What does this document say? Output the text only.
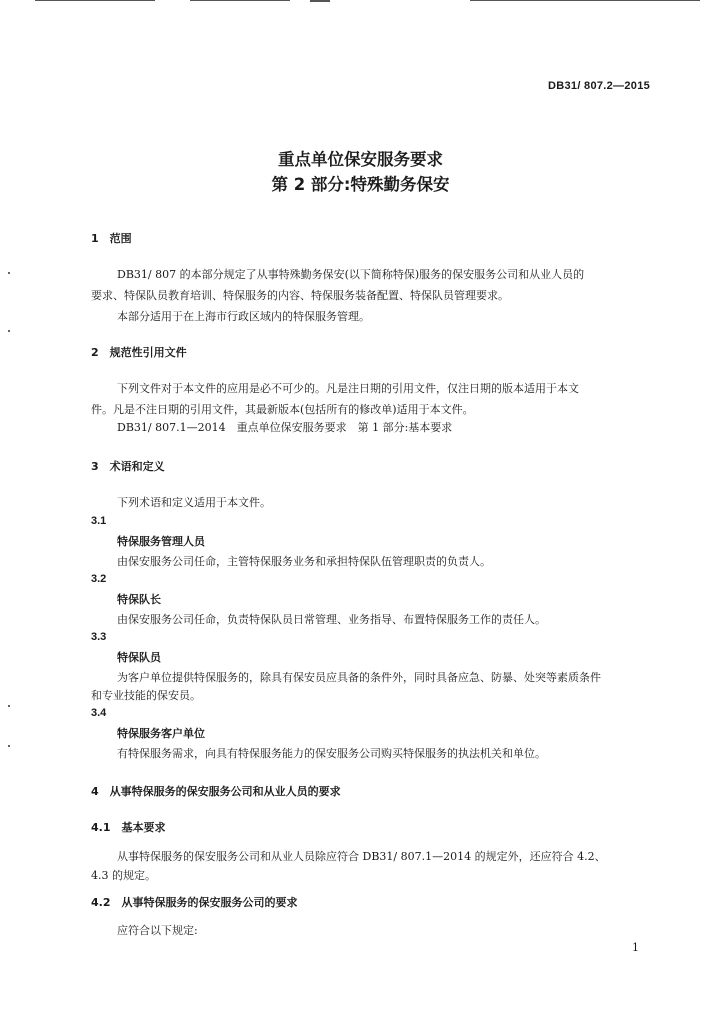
DB31/ 807.2—2015
重点单位保安服务要求
第 2 部分:特殊勤务保安
1　范围
DB31/ 807 的本部分规定了从事特殊勤务保安(以下简称特保)服务的保安服务公司和从业人员的
要求、特保队员教育培训、特保服务的内容、特保服务装备配置、特保队员管理要求。
本部分适用于在上海市行政区域内的特保服务管理。
2　规范性引用文件
下列文件对于本文件的应用是必不可少的。凡是注日期的引用文件，仅注日期的版本适用于本文
件。凡是不注日期的引用文件，其最新版本(包括所有的修改单)适用于本文件。
DB31/ 807.1—2014　重点单位保安服务要求　第 1 部分:基本要求
3　术语和定义
下列术语和定义适用于本文件。
3.1
特保服务管理人员
由保安服务公司任命，主管特保服务业务和承担特保队伍管理职责的负责人。
3.2
特保队长
由保安服务公司任命，负责特保队员日常管理、业务指导、布置特保服务工作的责任人。
3.3
特保队员
为客户单位提供特保服务的，除具有保安员应具备的条件外，同时具备应急、防暴、处突等素质条件
和专业技能的保安员。
3.4
特保服务客户单位
有特保服务需求，向具有特保服务能力的保安服务公司购买特保服务的执法机关和单位。
4　从事特保服务的保安服务公司和从业人员的要求
4.1　基本要求
从事特保服务的保安服务公司和从业人员除应符合 DB31/ 807.1—2014 的规定外，还应符合 4.2、
4.3 的规定。
4.2　从事特保服务的保安服务公司的要求
应符合以下规定:
1
